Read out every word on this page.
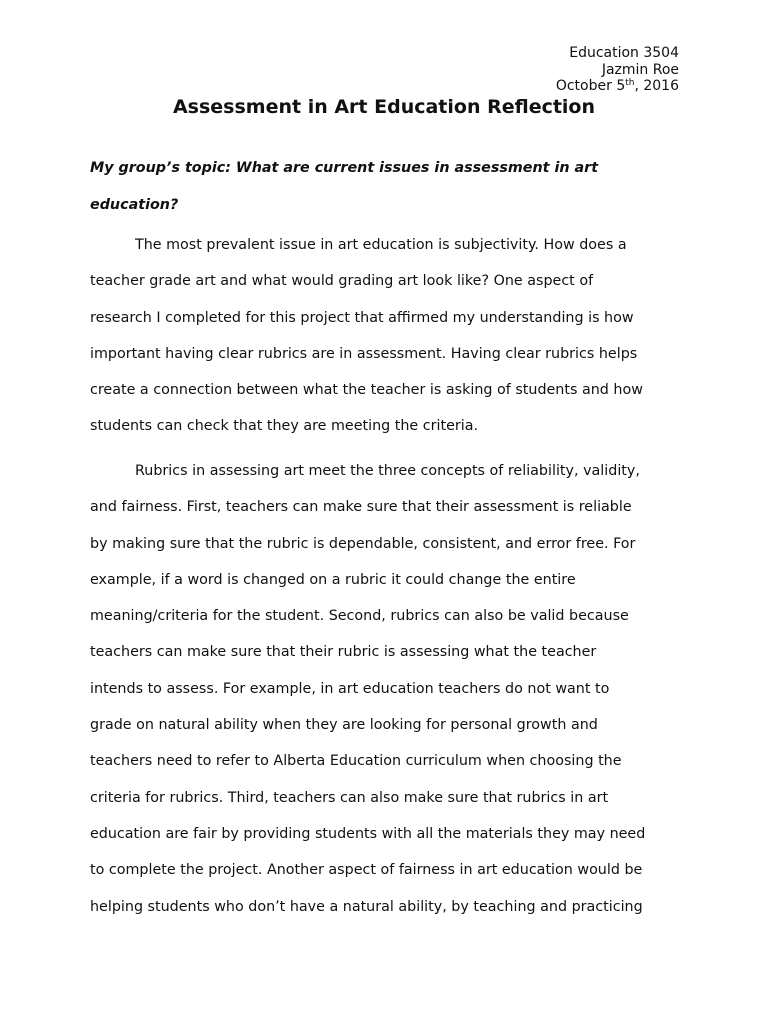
Education 3504
Jazmin Roe
October 5th, 2016
Assessment in Art Education Reflection
My group’s topic: What are current issues in assessment in art
education?
The most prevalent issue in art education is subjectivity. How does a
teacher grade art and what would grading art look like? One aspect of
research I completed for this project that affirmed my understanding is how
important having clear rubrics are in assessment. Having clear rubrics helps
create a connection between what the teacher is asking of students and how
students can check that they are meeting the criteria.
Rubrics in assessing art meet the three concepts of reliability, validity,
and fairness. First, teachers can make sure that their assessment is reliable
by making sure that the rubric is dependable, consistent, and error free. For
example, if a word is changed on a rubric it could change the entire
meaning/criteria for the student. Second, rubrics can also be valid because
teachers can make sure that their rubric is assessing what the teacher
intends to assess. For example, in art education teachers do not want to
grade on natural ability when they are looking for personal growth and
teachers need to refer to Alberta Education curriculum when choosing the
criteria for rubrics. Third, teachers can also make sure that rubrics in art
education are fair by providing students with all the materials they may need
to complete the project. Another aspect of fairness in art education would be
helping students who don’t have a natural ability, by teaching and practicing
